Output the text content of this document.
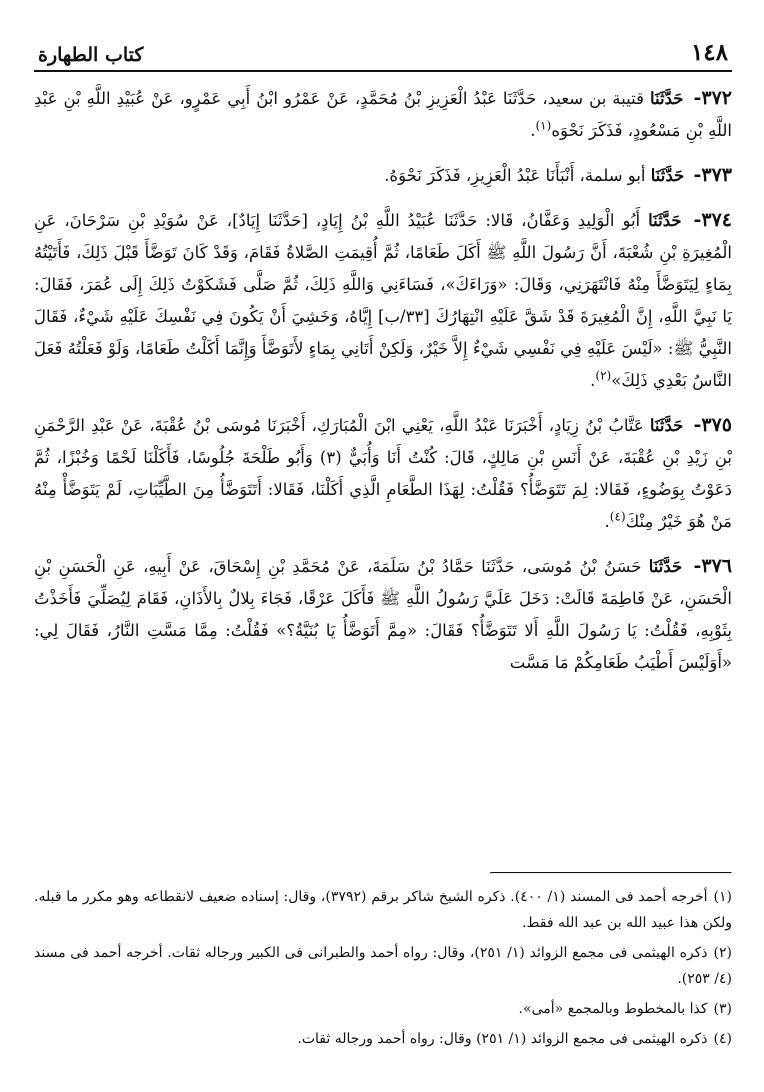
١٤٨
كتاب الطهارة

٣٧٢- حَدَّثَنَا قتيبة بن سعيد، حَدَّثَنَا عَبْدُ الْعَزِيزِ بْنُ مُحَمَّدٍ، عَنْ عَمْرُو ابْنُ أَبِي عَمْرٍو، عَنْ عُبَيْدِ اللَّهِ بْنِ عَبْدِ اللَّهِ بْنِ مَسْعُودٍ، فَذَكَرَ نَحْوَه$^{(١)}$.

٣٧٣- حَدَّثَنَا أبو سلمة، أَنْبَأَنَا عَبْدُ الْعَزِيزِ، فَذَكَرَ نَحْوَهُ.

٣٧٤- حَدَّثَنَا أَبُو الْوَلِيدِ وَعَفَّانُ، قَالا: حَدَّثَنَا عُبَيْدُ اللَّهِ بْنُ إِيَادٍ، [حَدَّثَنَا إِيَادٌ]، عَنْ سُوَيْدِ بْنِ سَرْحَانَ، عَنِ الْمُغِيرَةِ بْنِ شُعْبَةَ، أَنَّ رَسُولَ اللَّهِ ﷺ أَكَلَ طَعَامًا، ثُمَّ أُقِيمَتِ الصَّلاةُ فَقَامَ، وَقَدْ كَانَ تَوَضَّأَ قَبْلَ ذَلِكَ، فَأَتَيْتُهُ بِمَاءٍ لِيَتَوَضَّأَ مِنْهُ فَانْتَهَرَنِي، وَقَالَ: «وَرَاءَكَ»، فَسَاءَنِي وَاللَّهِ ذَلِكَ، ثُمَّ صَلَّى فَشَكَوْتُ ذَلِكَ إِلَى عُمَرَ، فَقَالَ: يَا نَبِيَّ اللَّهِ، إِنَّ الْمُغِيرَةَ قَدْ شَقَّ عَلَيْهِ انْتِهَارُكَ [٣٣/ب] إِيَّاهُ، وَخَشِيَ أَنْ يَكُونَ فِي نَفْسِكَ عَلَيْهِ شَيْءٌ، فَقَالَ النَّبِيُّ ﷺ: «لَيْسَ عَلَيْهِ فِي نَفْسِي شَيْءٌ إِلاَّ خَيْرٌ، وَلَكِنْ أَتَانِي بِمَاءٍ لأَتَوَضَّأَ وَإِنَّمَا أَكَلْتُ طَعَامًا، وَلَوْ فَعَلْتُهُ فَعَلَ النَّاسُ بَعْدِي ذَلِكَ»$^{(٢)}$.

٣٧٥- حَدَّثَنَا عَتَّابُ بْنُ زِيَادٍ، أَخْبَرَنَا عَبْدُ اللَّهِ، يَعْنِي ابْنَ الْمُبَارَكِ، أَخْبَرَنَا مُوسَى بْنُ عُقْبَةَ، عَنْ عَبْدِ الرَّحْمَنِ بْنِ زَيْدِ بْنِ عُقْبَةَ، عَنْ أَنَسِ بْنِ مَالِكٍ، قَالَ: كُنْتُ أَنَا وَأُبَيٌّ (٣) وَأَبُو طَلْحَةَ جُلُوسًا، فَأَكَلْنَا لَحْمًا وَخُبْزًا، ثُمَّ دَعَوْتُ بِوَضُوءٍ، فَقَالا: لِمَ تَتَوَضَّأُ؟ فَقُلْتُ: لِهَذَا الطَّعَامِ الَّذِي أَكَلْنَا، فَقَالا: أَتَتَوَضَّأُ مِنَ الطَّيِّبَاتِ، لَمْ يَتَوَضَّأْ مِنْهُ مَنْ هُوَ خَيْرٌ مِنْكَ$^{(٤)}$.

٣٧٦- حَدَّثَنَا حَسَنُ بْنُ مُوسَى، حَدَّثَنَا حَمَّادُ بْنُ سَلَمَةَ، عَنْ مُحَمَّدِ بْنِ إِسْحَاقَ، عَنْ أَبِيهِ، عَنِ الْحَسَنِ بْنِ الْحَسَنِ، عَنْ فَاطِمَةَ قَالَتْ: دَخَلَ عَلَيَّ رَسُولُ اللَّهِ ﷺ فَأَكَلَ عَرْقًا، فَجَاءَ بِلالٌ بِالأَذَانِ، فَقَامَ لِيُصَلِّيَ فَأَخَذْتُ بِثَوْبِهِ، فَقُلْتُ: يَا رَسُولَ اللَّهِ أَلا تَتَوَضَّأُ؟ فَقَالَ: «مِمَّ أَتَوَضَّأُ يَا بُنَيَّةُ؟» فَقُلْتُ: مِمَّا مَسَّتِ النَّارُ، فَقَالَ لِي: «أَوَلَيْسَ أَطْيَبُ طَعَامِكُمْ مَا مَسَّت

(١)أخرجه أحمد فى المسند (١/ ٤٠٠). ذكره الشيخ شاكر برقم (٣٧٩٢)، وقال: إسناده ضعيف لانقطاعه وهو مكرر ما قبله. ولكن هذا عبيد الله بن عبد الله فقط.

(٢)ذكره الهيثمى فى مجمع الزوائد (١/ ٢٥١)، وقال: رواه أحمد والطبرانى فى الكبير ورجاله ثقات. أخرجه أحمد فى مسند (٤/ ٢٥٣).

(٣)كذا بالمخطوط وبالمجمع «أمى».

(٤)ذكره الهيثمى فى مجمع الزوائد (١/ ٢٥١) وقال: رواه أحمد ورجاله ثقات.
